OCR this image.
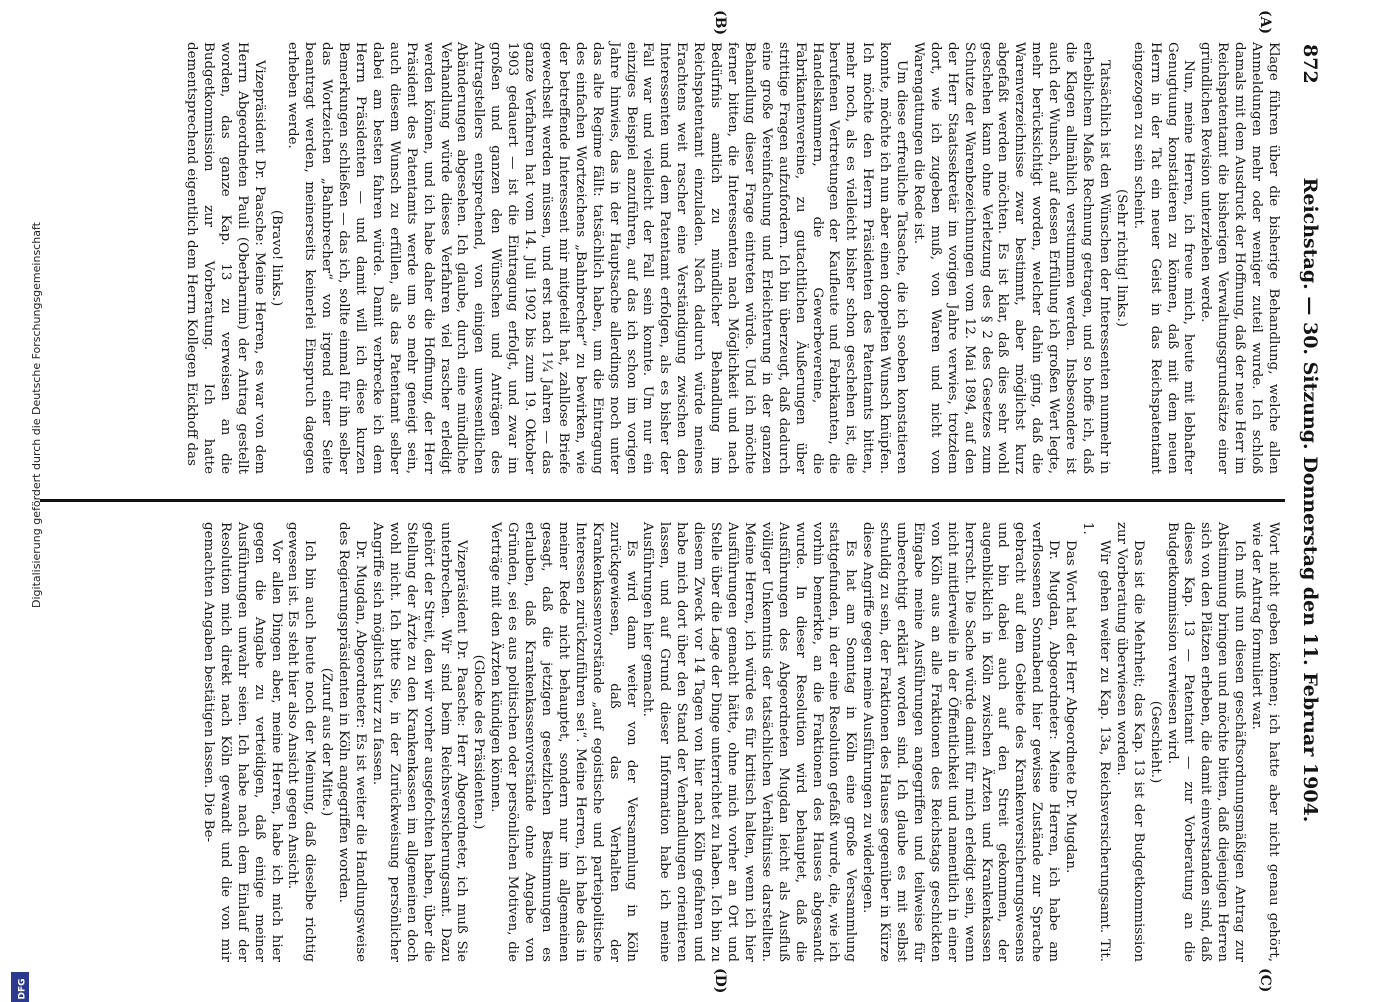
872
Reichstag. — 30. Sitzung. Donnerstag den 11. Februar 1904.
(A)
(B)
(C)
(D)

Klage führen über die bisherige Behandlung, welche allen Anmeldungen mehr oder weniger zuteil wurde. Ich schloß damals mit dem Ausdruck der Hoffnung, daß der neue Herr im Reichspatentamt die bisherigen Verwaltungsgrundsätze einer gründlichen Revision unterziehen werde.

Nun, meine Herren, ich freue mich, heute mit lebhafter Genugtuung konstatieren zu können, daß mit dem neuen Herrn in der Tat ein neuer Geist in das Reichspatentamt eingezogen zu sein scheint.

(Sehr richtig! links.)

Tatsächlich ist den Wünschen der Interessenten nunmehr in erheblichem Maße Rechnung getragen, und so hoffe ich, daß die Klagen allmählich verstummen werden. Insbesondere ist auch der Wunsch, auf dessen Erfüllung ich großen Wert legte, mehr berücksichtigt worden, welcher dahin ging, daß die Warenverzeichnisse zwar bestimmt, aber möglichst kurz abgefaßt werden möchten. Es ist klar, daß dies sehr wohl geschehen kann ohne Verletzung des § 2 des Gesetzes zum Schutze der Warenbezeichnungen vom 12. Mai 1894, auf den der Herr Staatssekretär im vorigen Jahre verwies, trotzdem dort, wie ich zugeben muß, von Waren und nicht von Warengattungen die Rede ist.

Um diese erfreuliche Tatsache, die ich soeben konstatieren konnte, möchte ich nun aber einen doppelten Wunsch knüpfen. Ich möchte den Herrn Präsidenten des Patentamts bitten, mehr noch, als es vielleicht bisher schon geschehen ist, die berufenen Vertretungen der Kaufleute und Fabrikanten, die Handelskammern, die Gewerbevereine, die Fabrikantenvereine, zu gutachtlichen Äußerungen über strittige Fragen aufzufordern. Ich bin überzeugt, daß dadurch eine große Vereinfachung und Erleichterung in der ganzen Behandlung dieser Frage eintreten würde. Und ich möchte ferner bitten, die Interessenten nach Möglichkeit und nach Bedürfnis amtlich zu mündlicher Behandlung im Reichspatentamt einzuladen. Nach dadurch würde meines Erachtens weit rascher eine Verständigung zwischen den Interessenten und dem Patentamt erfolgen, als es bisher der Fall war und vielleicht der Fall sein konnte. Um nur ein einziges Beispiel anzuführen, auf das ich schon im vorigen Jahre hinwies, das in der Hauptsache allerdings noch unter das alte Regime fällt: tatsächlich haben, um die Eintragung des einfachen Wortzeichens „Bahnbrecher“ zu bewirken, wie der betreffende Interessent mir mitgeteilt hat, zahllose Briefe gewechselt werden müssen, und erst nach 1¼ Jahren — das ganze Verfahren hat vom 14. Juli 1902 bis zum 19. Oktober 1903 gedauert — ist die Eintragung erfolgt, und zwar im großen und ganzen den Wünschen und Anträgen des Antragstellers entsprechend, von einigen unwesentlichen Abänderungen abgesehen. Ich glaube, durch eine mündliche Verhandlung würde dieses Verfahren viel rascher erledigt werden können, und ich habe daher die Hoffnung, der Herr Präsident des Patentamts werde um so mehr geneigt sein, auch diesem Wunsch zu erfüllen, als das Patentamt selber dabei am besten fahren würde. Damit verbrecke ich dem Herrn Präsidenten — und damit will ich diese kurzen Bemerkungen schließen — das ich, sollte einmal für ihn selber das Wortzeichen „Bahnbrecher“ von irgend einer Seite beantragt werden, meinerseits keinerlei Einspruch dagegen erheben werde.

(Bravo! links.)

Vizepräsident Dr. Paasche: Meine Herren, es war von dem Herrn Abgeordneten Pauli (Oberbarnim) der Antrag gestellt worden, das ganze Kap. 13 zu verweisen an die Budgetkommission zur Vorberatung. Ich hatte dementsprechend eigentlich dem Herrn Kollegen Eickhoff das

Wort nicht geben können; ich hatte aber nicht genau gehört, wie der Antrag formuliert war.

Ich muß nun diesen geschäftsordnungsmäßigen Antrag zur Abstimmung bringen und möchte bitten, daß diejenigen Herren sich von den Plätzen erheben, die damit einverstanden sind, daß dieses Kap. 13 — Patentamt — zur Vorberatung an die Budgetkommission verwiesen wird.

(Geschieht.)

Das ist die Mehrheit; das Kap. 13 ist der Budgetkommission zur Vorberatung überwiesen worden.

Wir gehen weiter zu Kap. 13a, Reichsversicherungsamt. Tit. 1.

Das Wort hat der Herr Abgeordnete Dr. Mugdan.

Dr. Mugdan, Abgeordneter: Meine Herren, ich habe am verflossenen Sonnabend hier gewisse Zustände zur Sprache gebracht auf dem Gebiete des Krankenversicherungswesens und bin dabei auch auf den Streit gekommen, der augenblicklich in Köln zwischen Ärzten und Krankenkassen herrscht. Die Sache würde damit für mich erledigt sein, wenn nicht mittlerweile in der Öffentlichkeit und namentlich in einer von Köln aus an alle Fraktionen des Reichstags geschickten Eingabe meine Ausführungen angegriffen und teilweise für unberechtigt erklärt worden sind. Ich glaube es mit selbst schuldig zu sein, der Fraktionen des Hauses gegenüber in Kürze diese Angriffe gegen meine Ausführungen zu widerlegen.

Es hat am Sonntag in Köln eine große Versammlung stattgefunden, in der eine Resolution gefaßt wurde, die, wie ich vorhin bemerkte, an die Fraktionen des Hauses abgesandt wurde. In dieser Resolution wird behauptet, daß die Ausführungen des Abgeordneten Mugdan leicht als Ausfluß völliger Unkenntnis der tatsächlichen Verhältnisse darstellten. Meine Herren, ich würde es für kritisch halten, wenn ich hier Ausführungen gemacht hätte, ohne mich vorher an Ort und Stelle über die Lage der Dinge unterrichtet zu haben. Ich bin zu diesem Zweck vor 14 Tagen von hier nach Köln gefahren und habe mich dort über den Stand der Verhandlungen orientieren lassen, und auf Grund dieser Information habe ich meine Ausführungen hier gemacht.

Es wird dann weiter von der Versammlung in Köln zurückgewiesen, daß das Verhalten der Krankenkassenvorstände „auf egoistische und parteipolitische Interessen zurückzuführen sei“. Meine Herren, ich habe das in meiner Rede nicht behauptet, sondern nur im allgemeinen gesagt, daß die jetzigen gesetzlichen Bestimmungen es erlauben, daß Krankenkassenvorstände ohne Angabe von Gründen, sei es aus politischen oder persönlichen Motiven, die Verträge mit den Ärzten kündigen können.

(Glocke des Präsidenten.)

Vizepräsident Dr. Paasche: Herr Abgeordneter, ich muß Sie unterbrechen. Wir sind beim Reichsversicherungsamt. Dazu gehört der Streit, den wir vorher ausgefochten haben, über die Stellung der Ärzte zu den Krankenkassen im allgemeinen doch wohl nicht. Ich bitte Sie, in der Zurückweisung persönlicher Angriffe sich möglichst kurz zu fassen.

Dr. Mugdan, Abgeordneter: Es ist weiter die Handlungsweise des Regierungspräsidenten in Köln angegriffen worden.

(Zuruf aus der Mitte.)

Ich bin auch heute noch der Meinung, daß dieselbe richtig gewesen ist. Es steht hier also Ansicht gegen Ansicht.

Vor allen Dingen aber, meine Herren, habe ich mich hier gegen die Angabe zu verteidigen, daß einige meiner Ausführungen unwahr seien. Ich habe nach dem Einlauf der Resolution mich direkt nach Köln gewandt und die von mir gemachten Angaben bestätigen lassen. Die Be-

Digitalisierung gefördert durch die Deutsche Forschungsgemeinschaft
DFG
